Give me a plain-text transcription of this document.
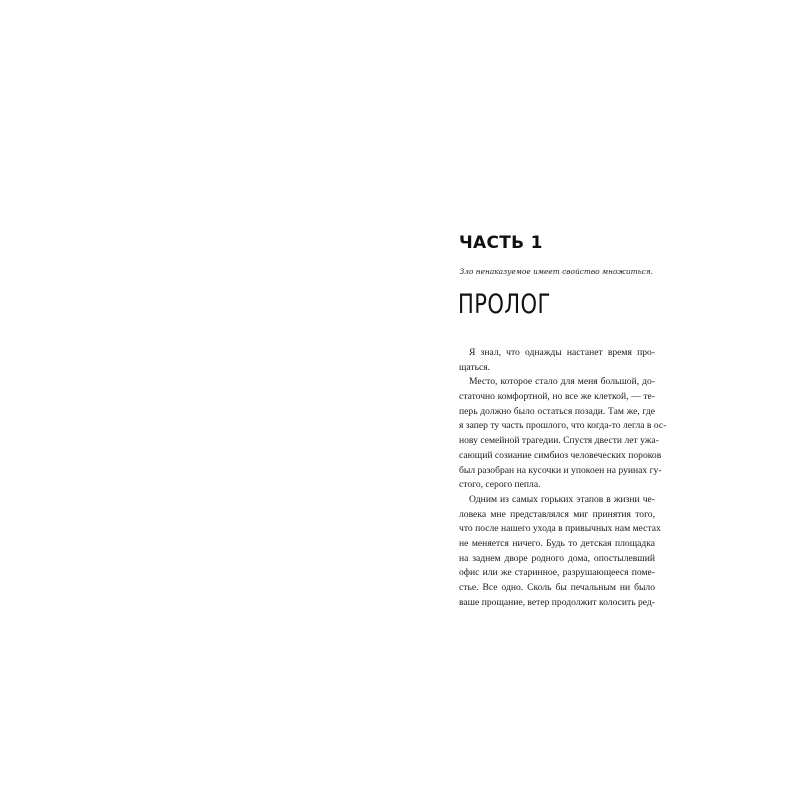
ЧАСТЬ 1

Зло ненаказуемое имеет свойство множиться.

ПРОЛОГ
Я знал, что однажды настанет время про-
щаться.
Место, которое стало для меня большой, до-
статочно комфортной, но все же клеткой, — те-
перь должно было остаться позади. Там же, где
я запер ту часть прошлого, что когда-то легла в ос-
нову семейной трагедии. Спустя двести лет ужа-
сающий созиание симбиоз человеческих пороков
был разобран на кусочки и упокоен на руинах гу-
стого, серого пепла.
Одним из самых горьких этапов в жизни че-
ловека мне представлялся миг принятия того,
что после нашего ухода в привычных нам местах
не меняется ничего. Будь то детская площадка
на заднем дворе родного дома, опостылевший
офис или же старинное, разрушающееся поме-
стье. Все одно. Сколь бы печальным ни было
ваше прощание, ветер продолжит колосить ред-
